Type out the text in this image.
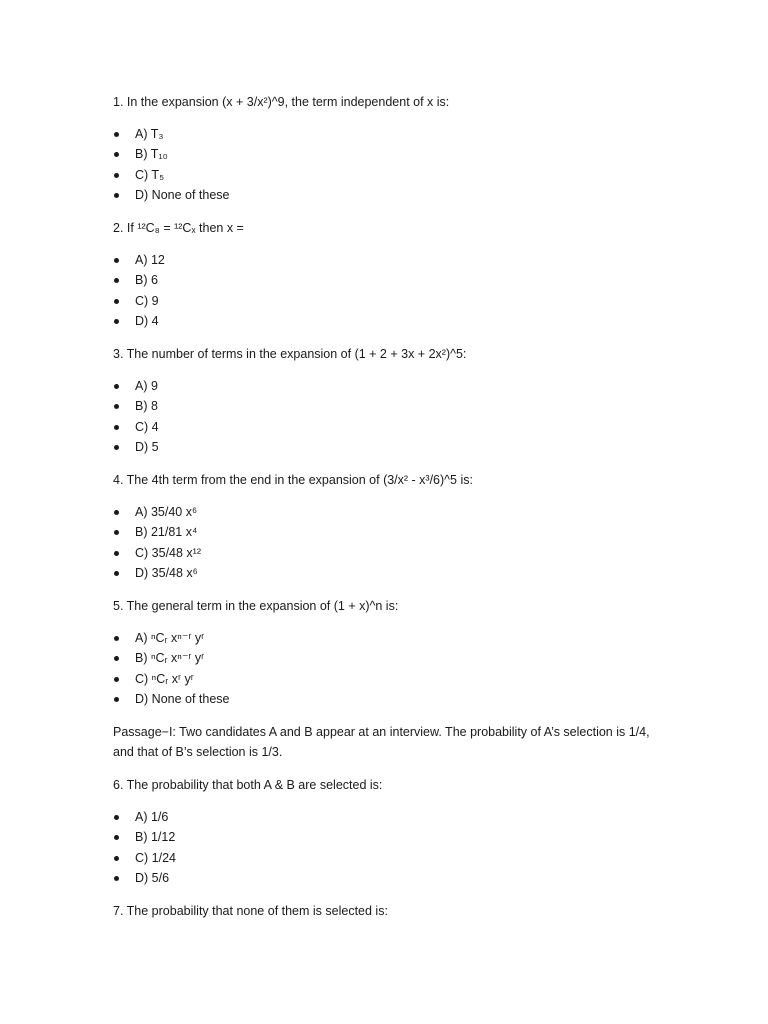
1. In the expansion (x + 3/x²)^9, the term independent of x is:

A) T₃
B) T₁₀
C) T₅
D) None of these

2. If ¹²C₈ = ¹²Cₓ then x =

A) 12
B) 6
C) 9
D) 4

3. The number of terms in the expansion of (1 + 2 + 3x + 2x²)^5:

A) 9
B) 8
C) 4
D) 5

4. The 4th term from the end in the expansion of (3/x² - x³/6)^5 is:

A) 35/40 x⁶
B) 21/81 x⁴
C) 35/48 x¹²
D) 35/48 x⁶

5. The general term in the expansion of (1 + x)^n is:

A) ⁿCᵣ xⁿ⁻ʳ yʳ
B) ⁿCᵣ xⁿ⁻ʳ yʳ
C) ⁿCᵣ xʳ yʳ
D) None of these

Passage−I: Two candidates A and B appear at an interview. The probability of A’s selection is 1/4, and that of B’s selection is 1/3.

6. The probability that both A & B are selected is:

A) 1/6
B) 1/12
C) 1/24
D) 5/6

7. The probability that none of them is selected is:
